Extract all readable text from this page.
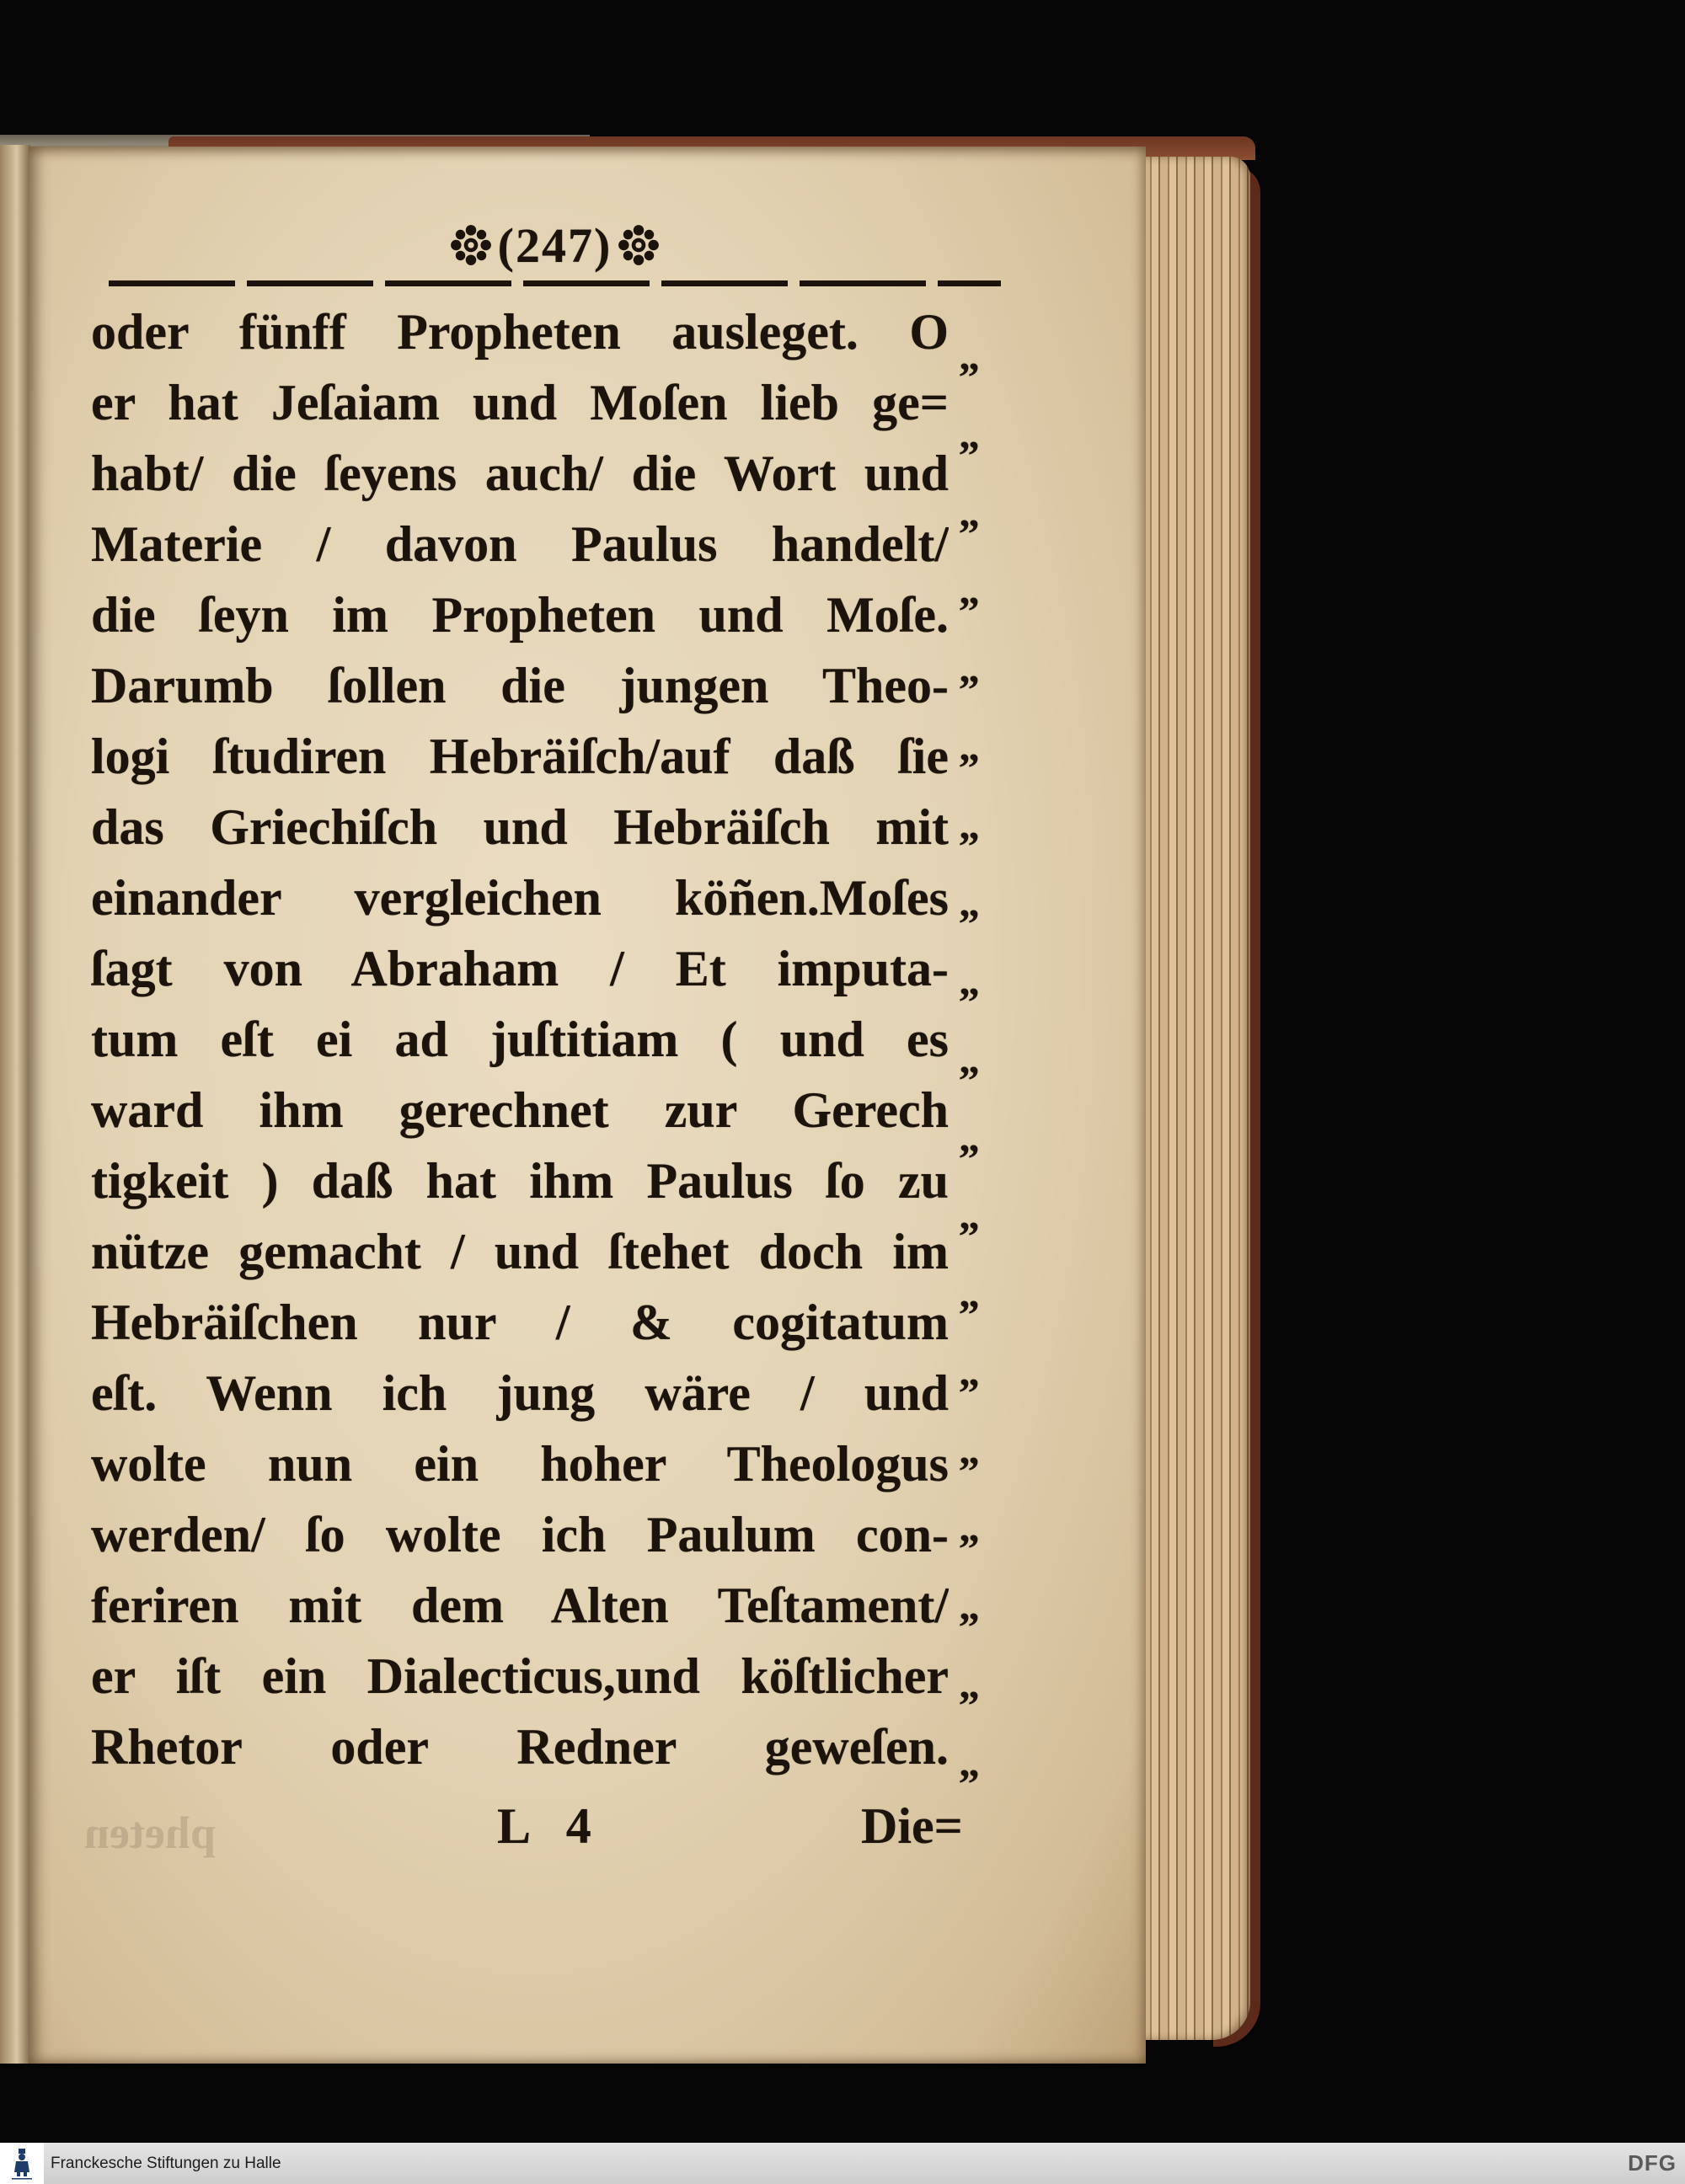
(247)
oder fünff Propheten ausleget. O
er hat Jeſaiam und Moſen lieb ge=
habt/ die ſeyens auch/ die Wort und
Materie / davon Paulus handelt/
die ſeyn im Propheten und Moſe.
Darumb ſollen die jungen Theo-
logi ſtudiren Hebräiſch/auf daß ſie
das Griechiſch und Hebräiſch mit
einander vergleichen köñen.Moſes
ſagt von Abraham / Et imputa-
tum eſt ei ad juſtitiam ( und es
ward ihm gerechnet zur Gerech
tigkeit ) daß hat ihm Paulus ſo zu
nütze gemacht / und ſtehet doch im
Hebräiſchen nur / & cogitatum
eſt. Wenn ich jung wäre / und
wolte nun ein hoher Theologus
werden/ ſo wolte ich Paulum con-
feriren mit dem Alten Teſtament/
er iſt ein Dialecticus,und köſtlicher
Rhetor oder Redner geweſen.
„
„
„
„
„
„
„
„
„
„
„
„
„
„
„
„
„
„
„
pheten	L 4	Die=
Franckesche Stiftungen zu Halle	DFG
